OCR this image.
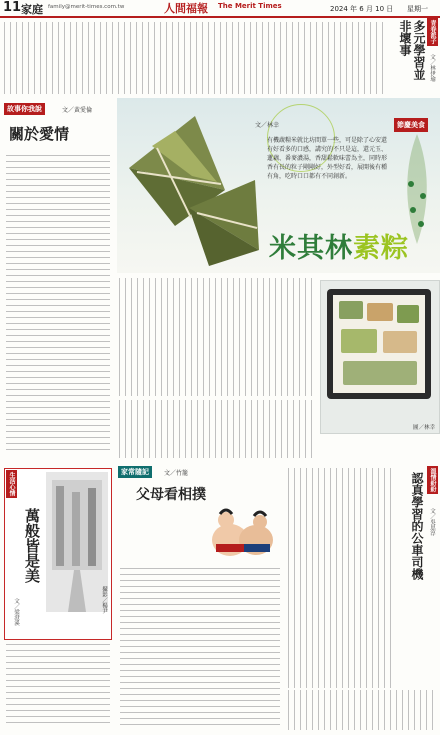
11 家庭 family@merit-times.com.tw	人間福報 The Merit Times	2024 年 6 月 10 日 星期一
青春派子
多元學習並非壞事
文／林伊瑜
故事你我說	文／黃愛倫
關於愛情	文／林幸	節慶美食
有機蔬糧米就比坊間單一些，可是除了心安還有好看多的口感，講究的不只是這，還元玉、蓮藕、番麥濃湯，香甜鬆軟味蕾為主，同時形香有長的粒子剛剛好，外型好看，展開後有種有角，吃時口口都有不同創新。
米其林素粽
圖／林幸
生活心情
萬般皆是美
文／梁澄溪	攝影／楊尹
家常隨記	文／竹籠
父母看相撲
溫情紛紛
認真學習的公車司機 文／吳思淳
